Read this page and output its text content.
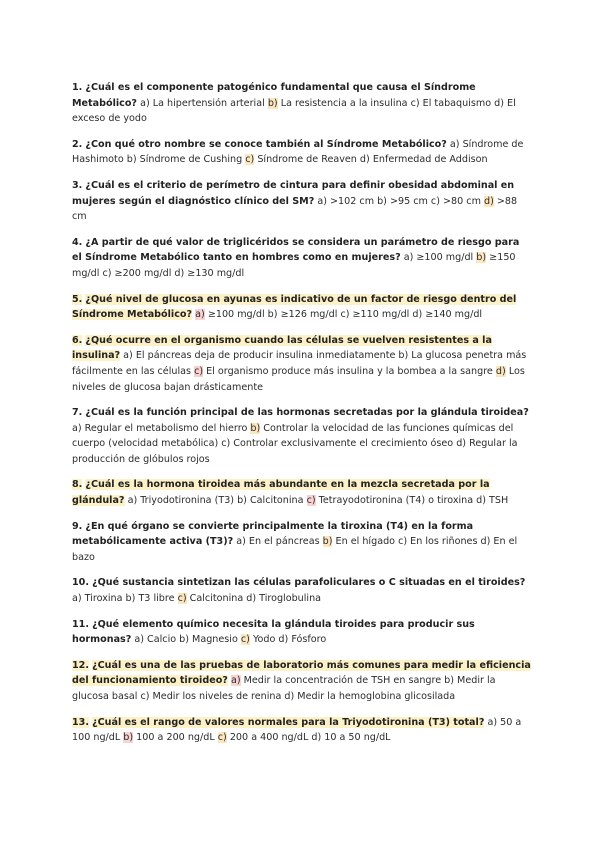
1. ¿Cuál es el componente patogénico fundamental que causa el Síndrome Metabólico? a) La hipertensión arterial b) La resistencia a la insulina c) El tabaquismo d) El exceso de yodo

2. ¿Con qué otro nombre se conoce también al Síndrome Metabólico? a) Síndrome de Hashimoto b) Síndrome de Cushing c) Síndrome de Reaven d) Enfermedad de Addison

3. ¿Cuál es el criterio de perímetro de cintura para definir obesidad abdominal en mujeres según el diagnóstico clínico del SM? a) >102 cm b) >95 cm c) >80 cm d) >88 cm

4. ¿A partir de qué valor de triglicéridos se considera un parámetro de riesgo para el Síndrome Metabólico tanto en hombres como en mujeres? a) ≥100 mg/dl b) ≥150 mg/dl c) ≥200 mg/dl d) ≥130 mg/dl

5. ¿Qué nivel de glucosa en ayunas es indicativo de un factor de riesgo dentro del Síndrome Metabólico? a) ≥100 mg/dl b) ≥126 mg/dl c) ≥110 mg/dl d) ≥140 mg/dl

6. ¿Qué ocurre en el organismo cuando las células se vuelven resistentes a la insulina? a) El páncreas deja de producir insulina inmediatamente b) La glucosa penetra más fácilmente en las células c) El organismo produce más insulina y la bombea a la sangre d) Los niveles de glucosa bajan drásticamente

7. ¿Cuál es la función principal de las hormonas secretadas por la glándula tiroidea? a) Regular el metabolismo del hierro b) Controlar la velocidad de las funciones químicas del cuerpo (velocidad metabólica) c) Controlar exclusivamente el crecimiento óseo d) Regular la producción de glóbulos rojos

8. ¿Cuál es la hormona tiroidea más abundante en la mezcla secretada por la glándula? a) Triyodotironina (T3) b) Calcitonina c) Tetrayodotironina (T4) o tiroxina d) TSH

9. ¿En qué órgano se convierte principalmente la tiroxina (T4) en la forma metabólicamente activa (T3)? a) En el páncreas b) En el hígado c) En los riñones d) En el bazo

10. ¿Qué sustancia sintetizan las células parafoliculares o C situadas en el tiroides? a) Tiroxina b) T3 libre c) Calcitonina d) Tiroglobulina

11. ¿Qué elemento químico necesita la glándula tiroides para producir sus hormonas? a) Calcio b) Magnesio c) Yodo d) Fósforo

12. ¿Cuál es una de las pruebas de laboratorio más comunes para medir la eficiencia del funcionamiento tiroideo? a) Medir la concentración de TSH en sangre b) Medir la glucosa basal c) Medir los niveles de renina d) Medir la hemoglobina glicosilada

13. ¿Cuál es el rango de valores normales para la Triyodotironina (T3) total? a) 50 a 100 ng/dL b) 100 a 200 ng/dL c) 200 a 400 ng/dL d) 10 a 50 ng/dL
